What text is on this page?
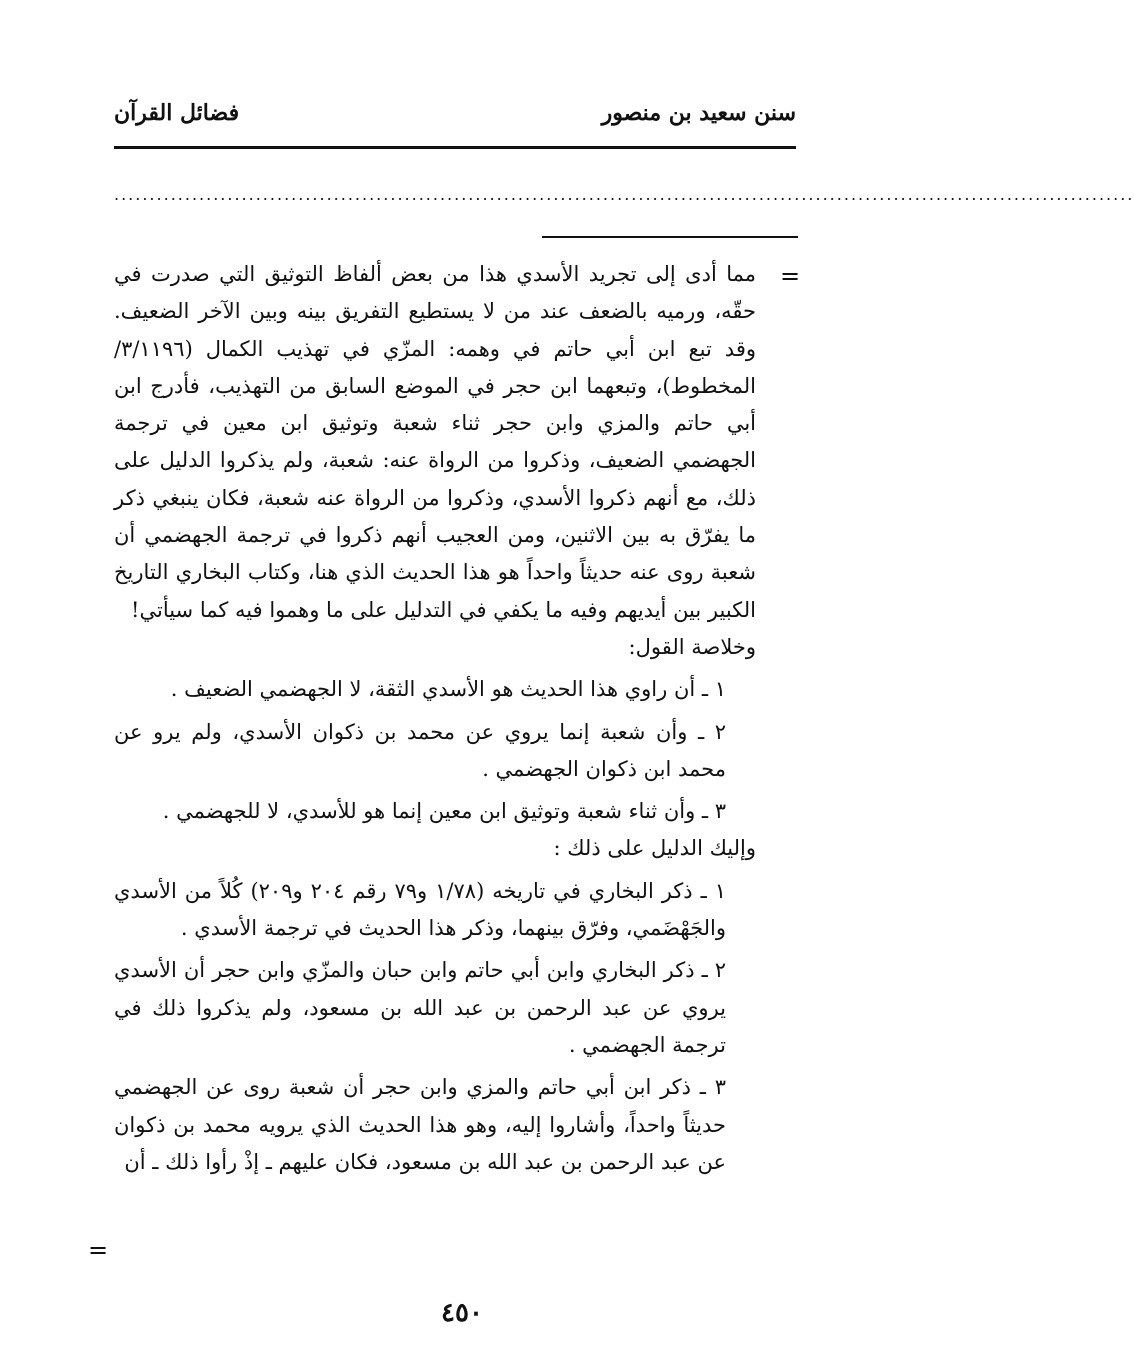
سنن سعيد بن منصور
فضائل القرآن
................................................................................................................................................
=

مما أدى إلى تجريد الأسدي هذا من بعض ألفاظ التوثيق التي صدرت في حقّه، ورميه بالضعف عند من لا يستطيع التفريق بينه وبين الآخر الضعيف. وقد تبع ابن أبي حاتم في وهمه: المزّي في تهذيب الكمال (٣/١١٩٦/المخطوط)، وتبعهما ابن حجر في الموضع السابق من التهذيب، فأدرج ابن أبي حاتم والمزي وابن حجر ثناء شعبة وتوثيق ابن معين في ترجمة الجهضمي الضعيف، وذكروا من الرواة عنه: شعبة، ولم يذكروا الدليل على ذلك، مع أنهم ذكروا الأسدي، وذكروا من الرواة عنه شعبة، فكان ينبغي ذكر ما يفرّق به بين الاثنين، ومن العجيب أنهم ذكروا في ترجمة الجهضمي أن شعبة روى عنه حديثاً واحداً هو هذا الحديث الذي هنا، وكتاب البخاري التاريخ الكبير بين أيديهم وفيه ما يكفي في التدليل على ما وهموا فيه كما سيأتي!

وخلاصة القول:

١ ـ أن راوي هذا الحديث هو الأسدي الثقة، لا الجهضمي الضعيف .

٢ ـ وأن شعبة إنما يروي عن محمد بن ذكوان الأسدي، ولم يرو عن محمد ابن ذكوان الجهضمي .

٣ ـ وأن ثناء شعبة وتوثيق ابن معين إنما هو للأسدي، لا للجهضمي .

وإليك الدليل على ذلك :

١ ـ ذكر البخاري في تاريخه (١/٧٨ و٧٩ رقم ٢٠٤ و٢٠٩) كُلاً من الأسدي والجَهْضَمي، وفرّق بينهما، وذكر هذا الحديث في ترجمة الأسدي .

٢ ـ ذكر البخاري وابن أبي حاتم وابن حبان والمزّي وابن حجر أن الأسدي يروي عن عبد الرحمن بن عبد الله بن مسعود، ولم يذكروا ذلك في ترجمة الجهضمي .

٣ ـ ذكر ابن أبي حاتم والمزي وابن حجر أن شعبة روى عن الجهضمي حديثاً واحداً، وأشاروا إليه، وهو هذا الحديث الذي يرويه محمد بن ذكوان عن عبد الرحمن بن عبد الله بن مسعود، فكان عليهم ـ إذْ رأوا ذلك ـ أن

=
٤٥٠
